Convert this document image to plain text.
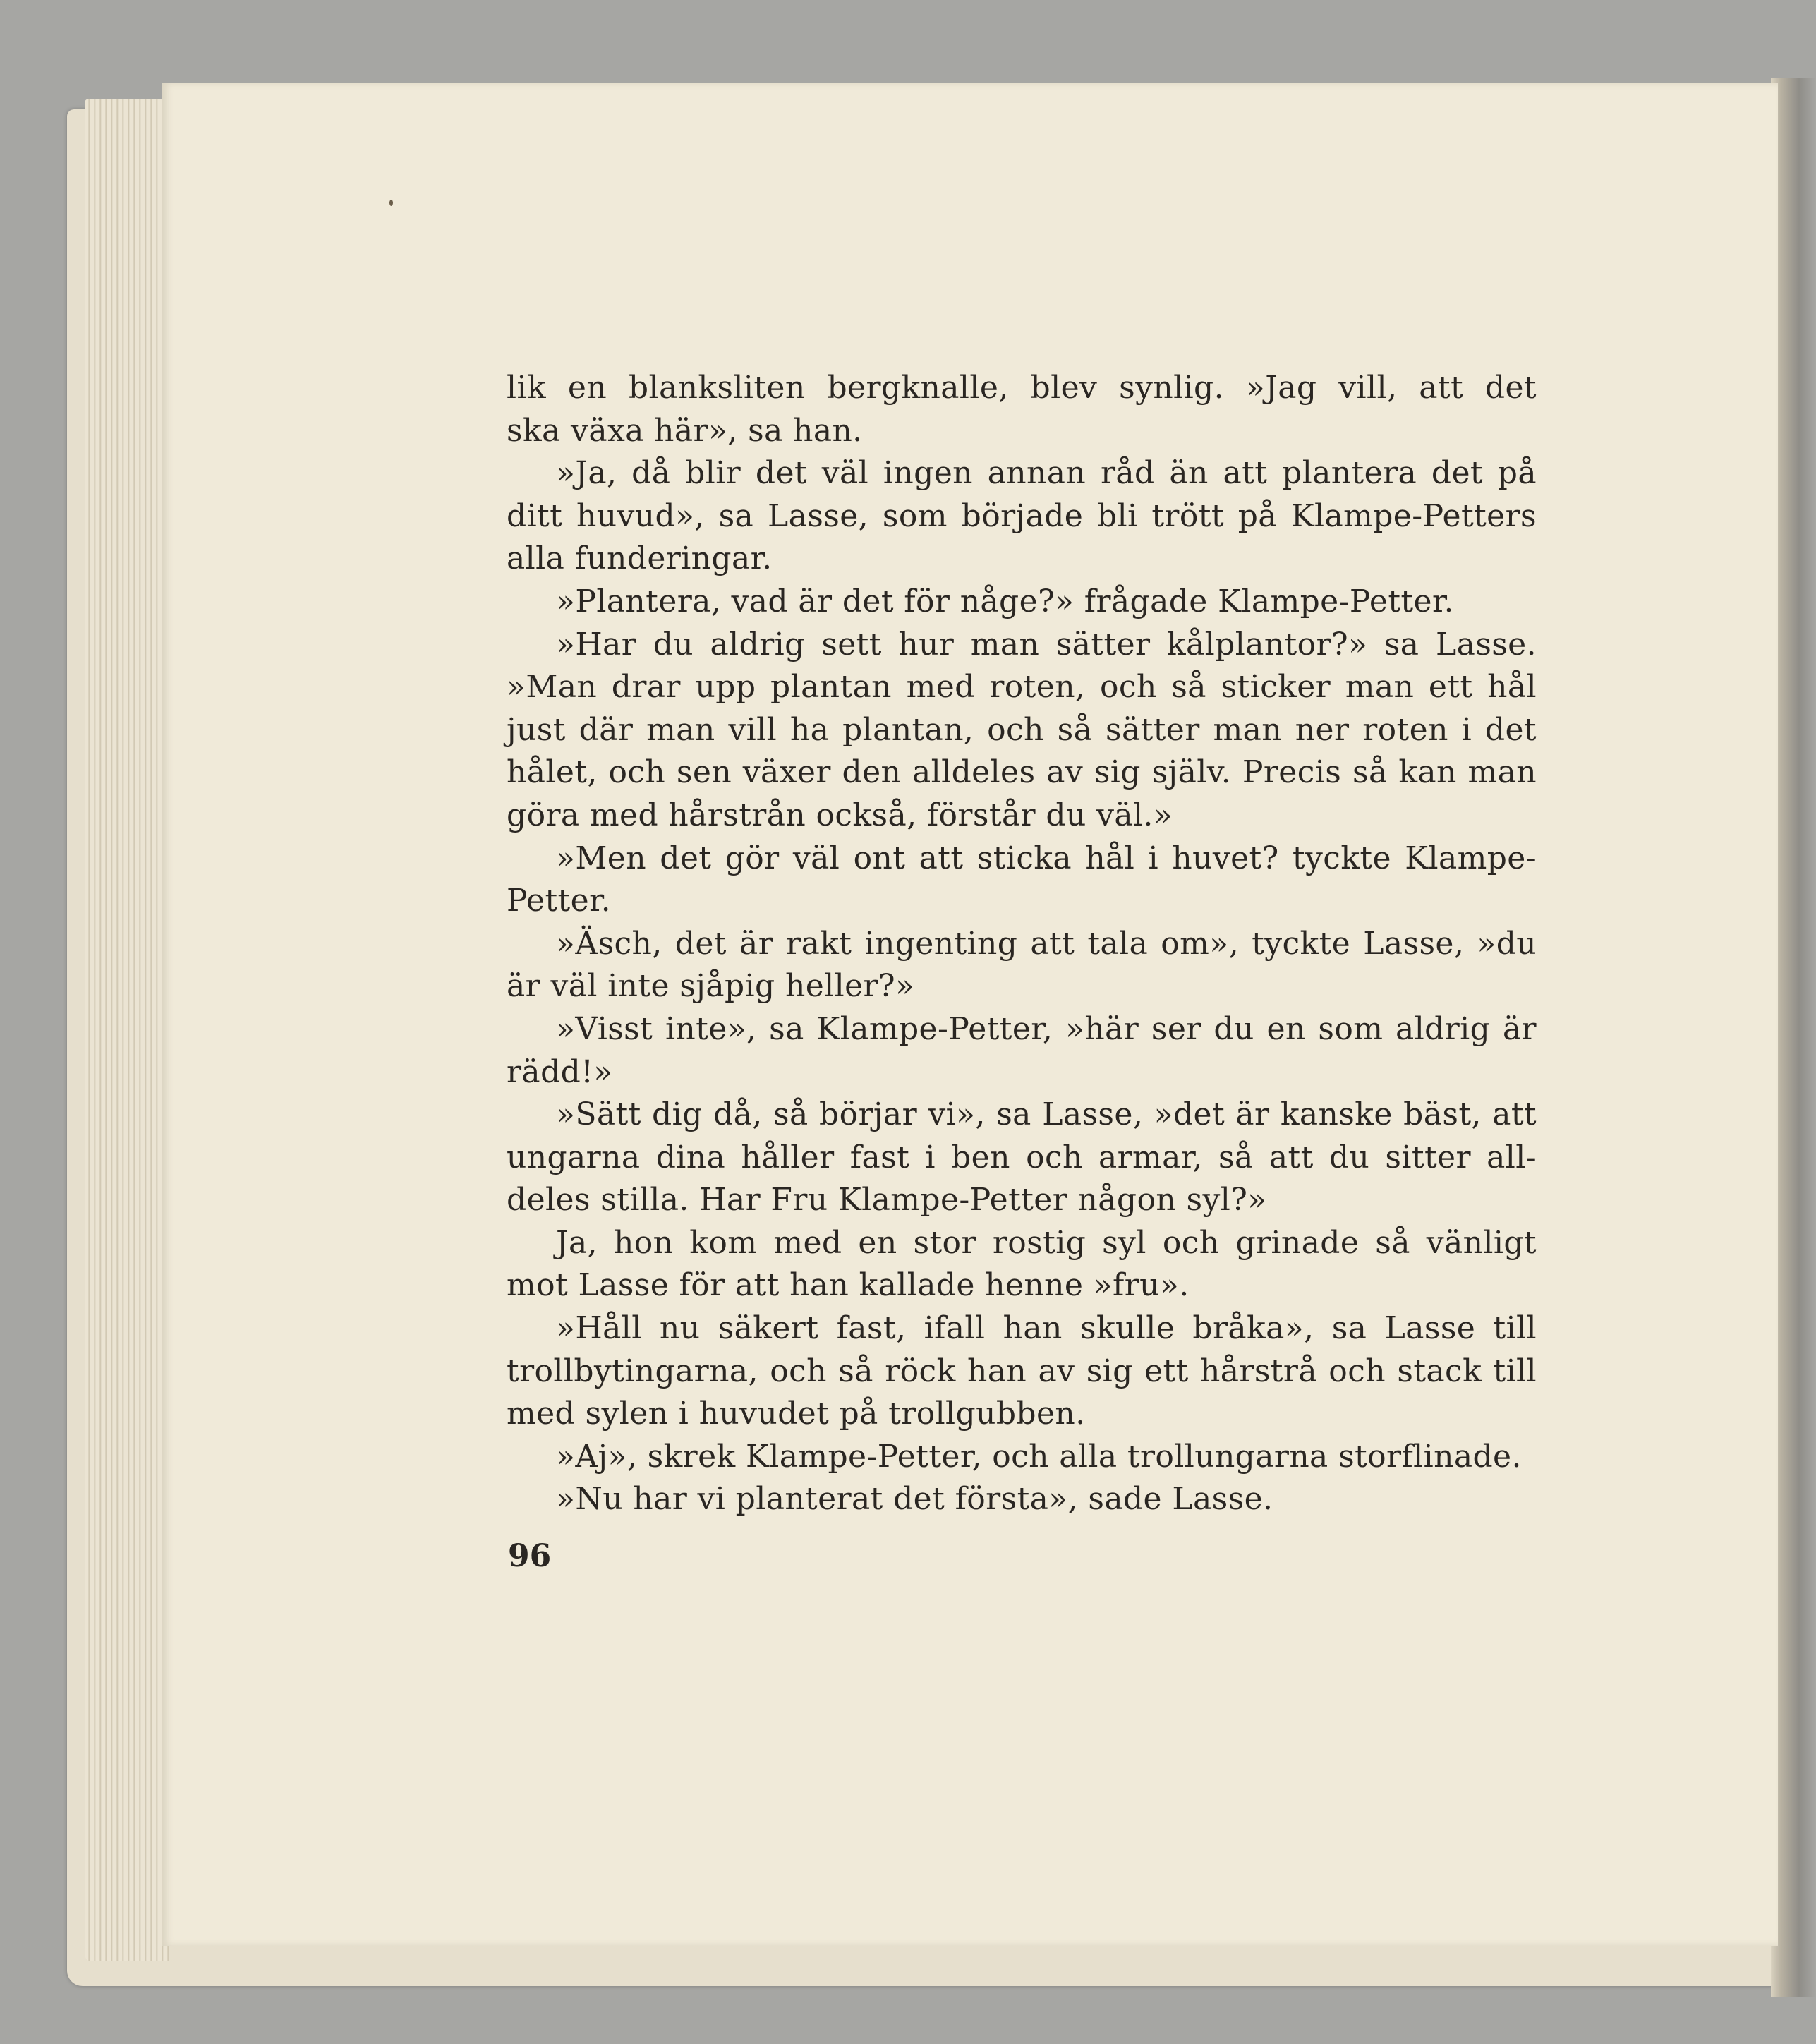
lik en blanksliten bergknalle, blev synlig. »Jag vill, att det
ska växa här», sa han.
»Ja, då blir det väl ingen annan råd än att plantera det på
ditt huvud», sa Lasse, som började bli trött på Klampe-Petters
alla funderingar.
»Plantera, vad är det för någe?» frågade Klampe-Petter.
»Har du aldrig sett hur man sätter kålplantor?» sa Lasse.
»Man drar upp plantan med roten, och så sticker man ett hål
just där man vill ha plantan, och så sätter man ner roten i det
hålet, och sen växer den alldeles av sig själv. Precis så kan man
göra med hårstrån också, förstår du väl.»
»Men det gör väl ont att sticka hål i huvet? tyckte Klampe-
Petter.
»Äsch, det är rakt ingenting att tala om», tyckte Lasse, »du
är väl inte sjåpig heller?»
»Visst inte», sa Klampe-Petter, »här ser du en som aldrig är
rädd!»
»Sätt dig då, så börjar vi», sa Lasse, »det är kanske bäst, att
ungarna dina håller fast i ben och armar, så att du sitter all-
deles stilla. Har Fru Klampe-Petter någon syl?»
Ja, hon kom med en stor rostig syl och grinade så vänligt
mot Lasse för att han kallade henne »fru».
»Håll nu säkert fast, ifall han skulle bråka», sa Lasse till
trollbytingarna, och så röck han av sig ett hårstrå och stack till
med sylen i huvudet på trollgubben.
»Aj», skrek Klampe-Petter, och alla trollungarna storflinade.
»Nu har vi planterat det första», sade Lasse.
96
